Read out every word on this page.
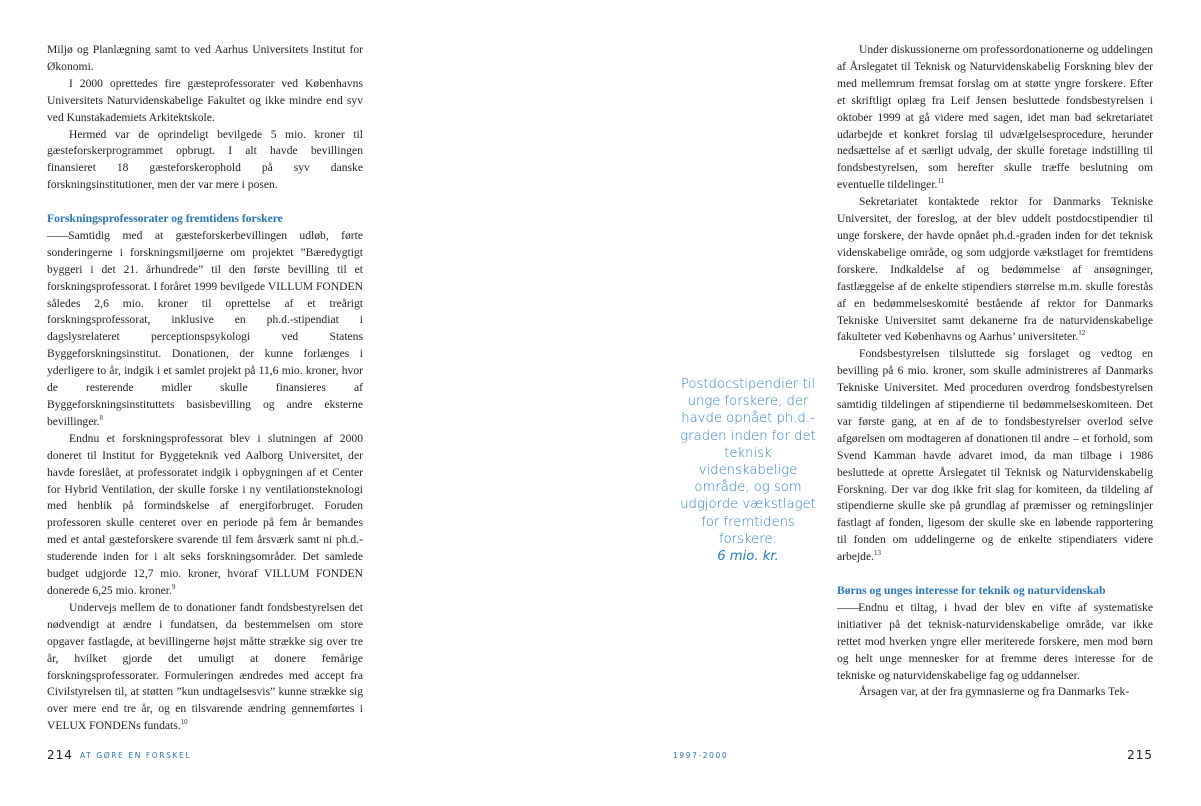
Miljø og Planlægning samt to ved Aarhus Universitets Institut for Økonomi.

I 2000 oprettedes fire gæsteprofessorater ved Københavns Universitets Naturvidenskabelige Fakultet og ikke mindre end syv ved Kunstakademiets Arkitektskole.

Hermed var de oprindeligt bevilgede 5 mio. kroner til gæsteforskerprogrammet opbrugt. I alt havde bevillingen finansieret 18 gæsteforskerophold på syv danske forskningsinstitutioner, men der var mere i posen.

Forskningsprofessorater og fremtidens forskere

—— Samtidig med at gæsteforskerbevillingen udløb, førte sonderingerne i forskningsmiljøerne om projektet ”Bæredygtigt byggeri i det 21. århundrede” til den første bevilling til et forskningsprofessorat. I foråret 1999 bevilgede VILLUM FONDEN således 2,6 mio. kroner til oprettelse af et treårigt forskningsprofessorat, inklusive en ph.d.-stipendiat i dagslysrelateret perceptionspsykologi ved Statens Byggeforskningsinstitut. Donationen, der kunne forlænges i yderligere to år, indgik i et samlet projekt på 11,6 mio. kroner, hvor de resterende midler skulle finansieres af Byggeforskningsinstituttets basisbevilling og andre eksterne bevillinger.$^8$

Endnu et forskningsprofessorat blev i slutningen af 2000 doneret til Institut for Byggeteknik ved Aalborg Universitet, der havde foreslået, at professoratet indgik i opbygningen af et Center for Hybrid Ventilation, der skulle forske i ny ventilationsteknologi med henblik på formindskelse af energiforbruget. Foruden professoren skulle centeret over en periode på fem år bemandes med et antal gæsteforskere svarende til fem årsværk samt ni ph.d.-studerende inden for i alt seks forskningsområder. Det samlede budget udgjorde 12,7 mio. kroner, hvoraf VILLUM FONDEN donerede 6,25 mio. kroner.$^9$

Undervejs mellem de to donationer fandt fondsbestyrelsen det nødvendigt at ændre i fundatsen, da bestemmelsen om store opgaver fastlagde, at bevillingerne højst måtte strække sig over tre år, hvilket gjorde det umuligt at donere femårige forskningsprofessorater. Formuleringen ændredes med accept fra Civilstyrelsen til, at støtten ”kun undtagelsesvis” kunne strække sig over mere end tre år, og en tilsvarende ændring gennemførtes i VELUX FONDENs fundats.$^{10}$

Postdocstipendier til unge forskere, der havde opnået ph.d.-graden inden for det teknisk videnskabelige område, og som udgjorde vækstlaget for fremtidens forskere:
6 mio. kr.

Under diskussionerne om professordonationerne og uddelingen af Årslegatet til Teknisk og Naturvidenskabelig Forskning blev der med mellemrum fremsat forslag om at støtte yngre forskere. Efter et skriftligt oplæg fra Leif Jensen besluttede fondsbestyrelsen i oktober 1999 at gå videre med sagen, idet man bad sekretariatet udarbejde et konkret forslag til udvælgelsesprocedure, herunder nedsættelse af et særligt udvalg, der skulle foretage indstilling til fondsbestyrelsen, som herefter skulle træffe beslutning om eventuelle tildelinger.$^{11}$

Sekretariatet kontaktede rektor for Danmarks Tekniske Universitet, der foreslog, at der blev uddelt postdocstipendier til unge forskere, der havde opnået ph.d.-graden inden for det teknisk videnskabelige område, og som udgjorde vækstlaget for fremtidens forskere. Indkaldelse af og bedømmelse af ansøgninger, fastlæggelse af de enkelte stipendiers størrelse m.m. skulle forestås af en bedømmelseskomité bestående af rektor for Danmarks Tekniske Universitet samt dekanerne fra de naturvidenskabelige fakulteter ved Københavns og Aarhus’ universiteter.$^{12}$

Fondsbestyrelsen tilsluttede sig forslaget og vedtog en bevilling på 6 mio. kroner, som skulle administreres af Danmarks Tekniske Universitet. Med proceduren overdrog fondsbestyrelsen samtidig tildelingen af stipendierne til bedømmelseskomiteen. Det var første gang, at en af de to fondsbestyrelser overlod selve afgørelsen om modtageren af donationen til andre – et forhold, som Svend Kamman havde advaret imod, da man tilbage i 1986 besluttede at oprette Årslegatet til Teknisk og Naturvidenskabelig Forskning. Der var dog ikke frit slag for komiteen, da tildeling af stipendierne skulle ske på grundlag af præmisser og retningslinjer fastlagt af fonden, ligesom der skulle ske en løbende rapportering til fonden om uddelingerne og de enkelte stipendiaters videre arbejde.$^{13}$

Børns og unges interesse for teknik og naturvidenskab

—— Endnu et tiltag, i hvad der blev en vifte af systematiske initiativer på det teknisk-naturvidenskabelige område, var ikke rettet mod hverken yngre eller meriterede forskere, men mod børn og helt unge mennesker for at fremme deres interesse for de tekniske og naturvidenskabelige fag og uddannelser.

Årsagen var, at der fra gymnasierne og fra Danmarks Tek-

214 AT GØRE EN FORSKEL	1997-2000	215
